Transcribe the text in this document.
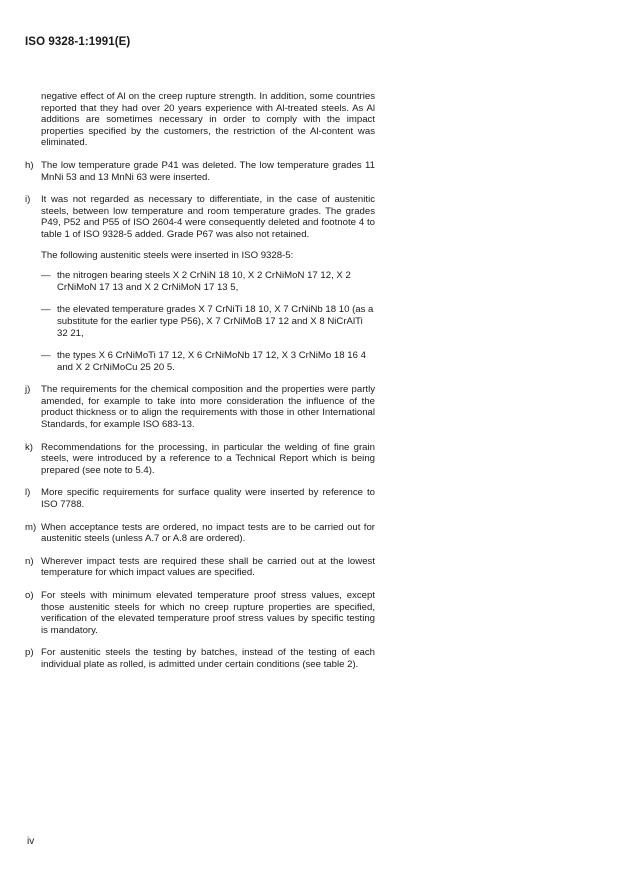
ISO 9328-1:1991(E)

negative effect of Al on the creep rupture strength. In addition, some countries reported that they had over 20 years experience with Al-treated steels. As Al additions are sometimes necessary in order to comply with the impact properties specified by the customers, the restriction of the Al-content was eliminated.

h) The low temperature grade P41 was deleted. The low temperature grades 11 MnNi 53 and 13 MnNi 63 were inserted.
i) It was not regarded as necessary to differentiate, in the case of austenitic steels, between low temperature and room temperature grades. The grades P49, P52 and P55 of ISO 2604-4 were consequently deleted and footnote 4 to table 1 of ISO 9328-5 added. Grade P67 was also not retained.

The following austenitic steels were inserted in ISO 9328-5:

— the nitrogen bearing steels X 2 CrNiN 18 10, X 2 CrNiMoN 17 12, X 2 CrNiMoN 17 13 and X 2 CrNiMoN 17 13 5,
— the elevated temperature grades X 7 CrNiTi 18 10, X 7 CrNiNb 18 10 (as a substitute for the earlier type P56), X 7 CrNiMoB 17 12 and X 8 NiCrAlTi 32 21,
— the types X 6 CrNiMoTi 17 12, X 6 CrNiMoNb 17 12, X 3 CrNiMo 18 16 4 and X 2 CrNiMoCu 25 20 5.
j) The requirements for the chemical composition and the properties were partly amended, for example to take into more consideration the influence of the product thickness or to align the requirements with those in other International Standards, for example ISO 683-13.
k) Recommendations for the processing, in particular the welding of fine grain steels, were introduced by a reference to a Technical Report which is being prepared (see note to 5.4).
l) More specific requirements for surface quality were inserted by reference to ISO 7788.
m) When acceptance tests are ordered, no impact tests are to be carried out for austenitic steels (unless A.7 or A.8 are ordered).
n) Wherever impact tests are required these shall be carried out at the lowest temperature for which impact values are specified.
o) For steels with minimum elevated temperature proof stress values, except those austenitic steels for which no creep rupture properties are specified, verification of the elevated temperature proof stress values by specific testing is mandatory.
p) For austenitic steels the testing by batches, instead of the testing of each individual plate as rolled, is admitted under certain conditions (see table 2).
iv
